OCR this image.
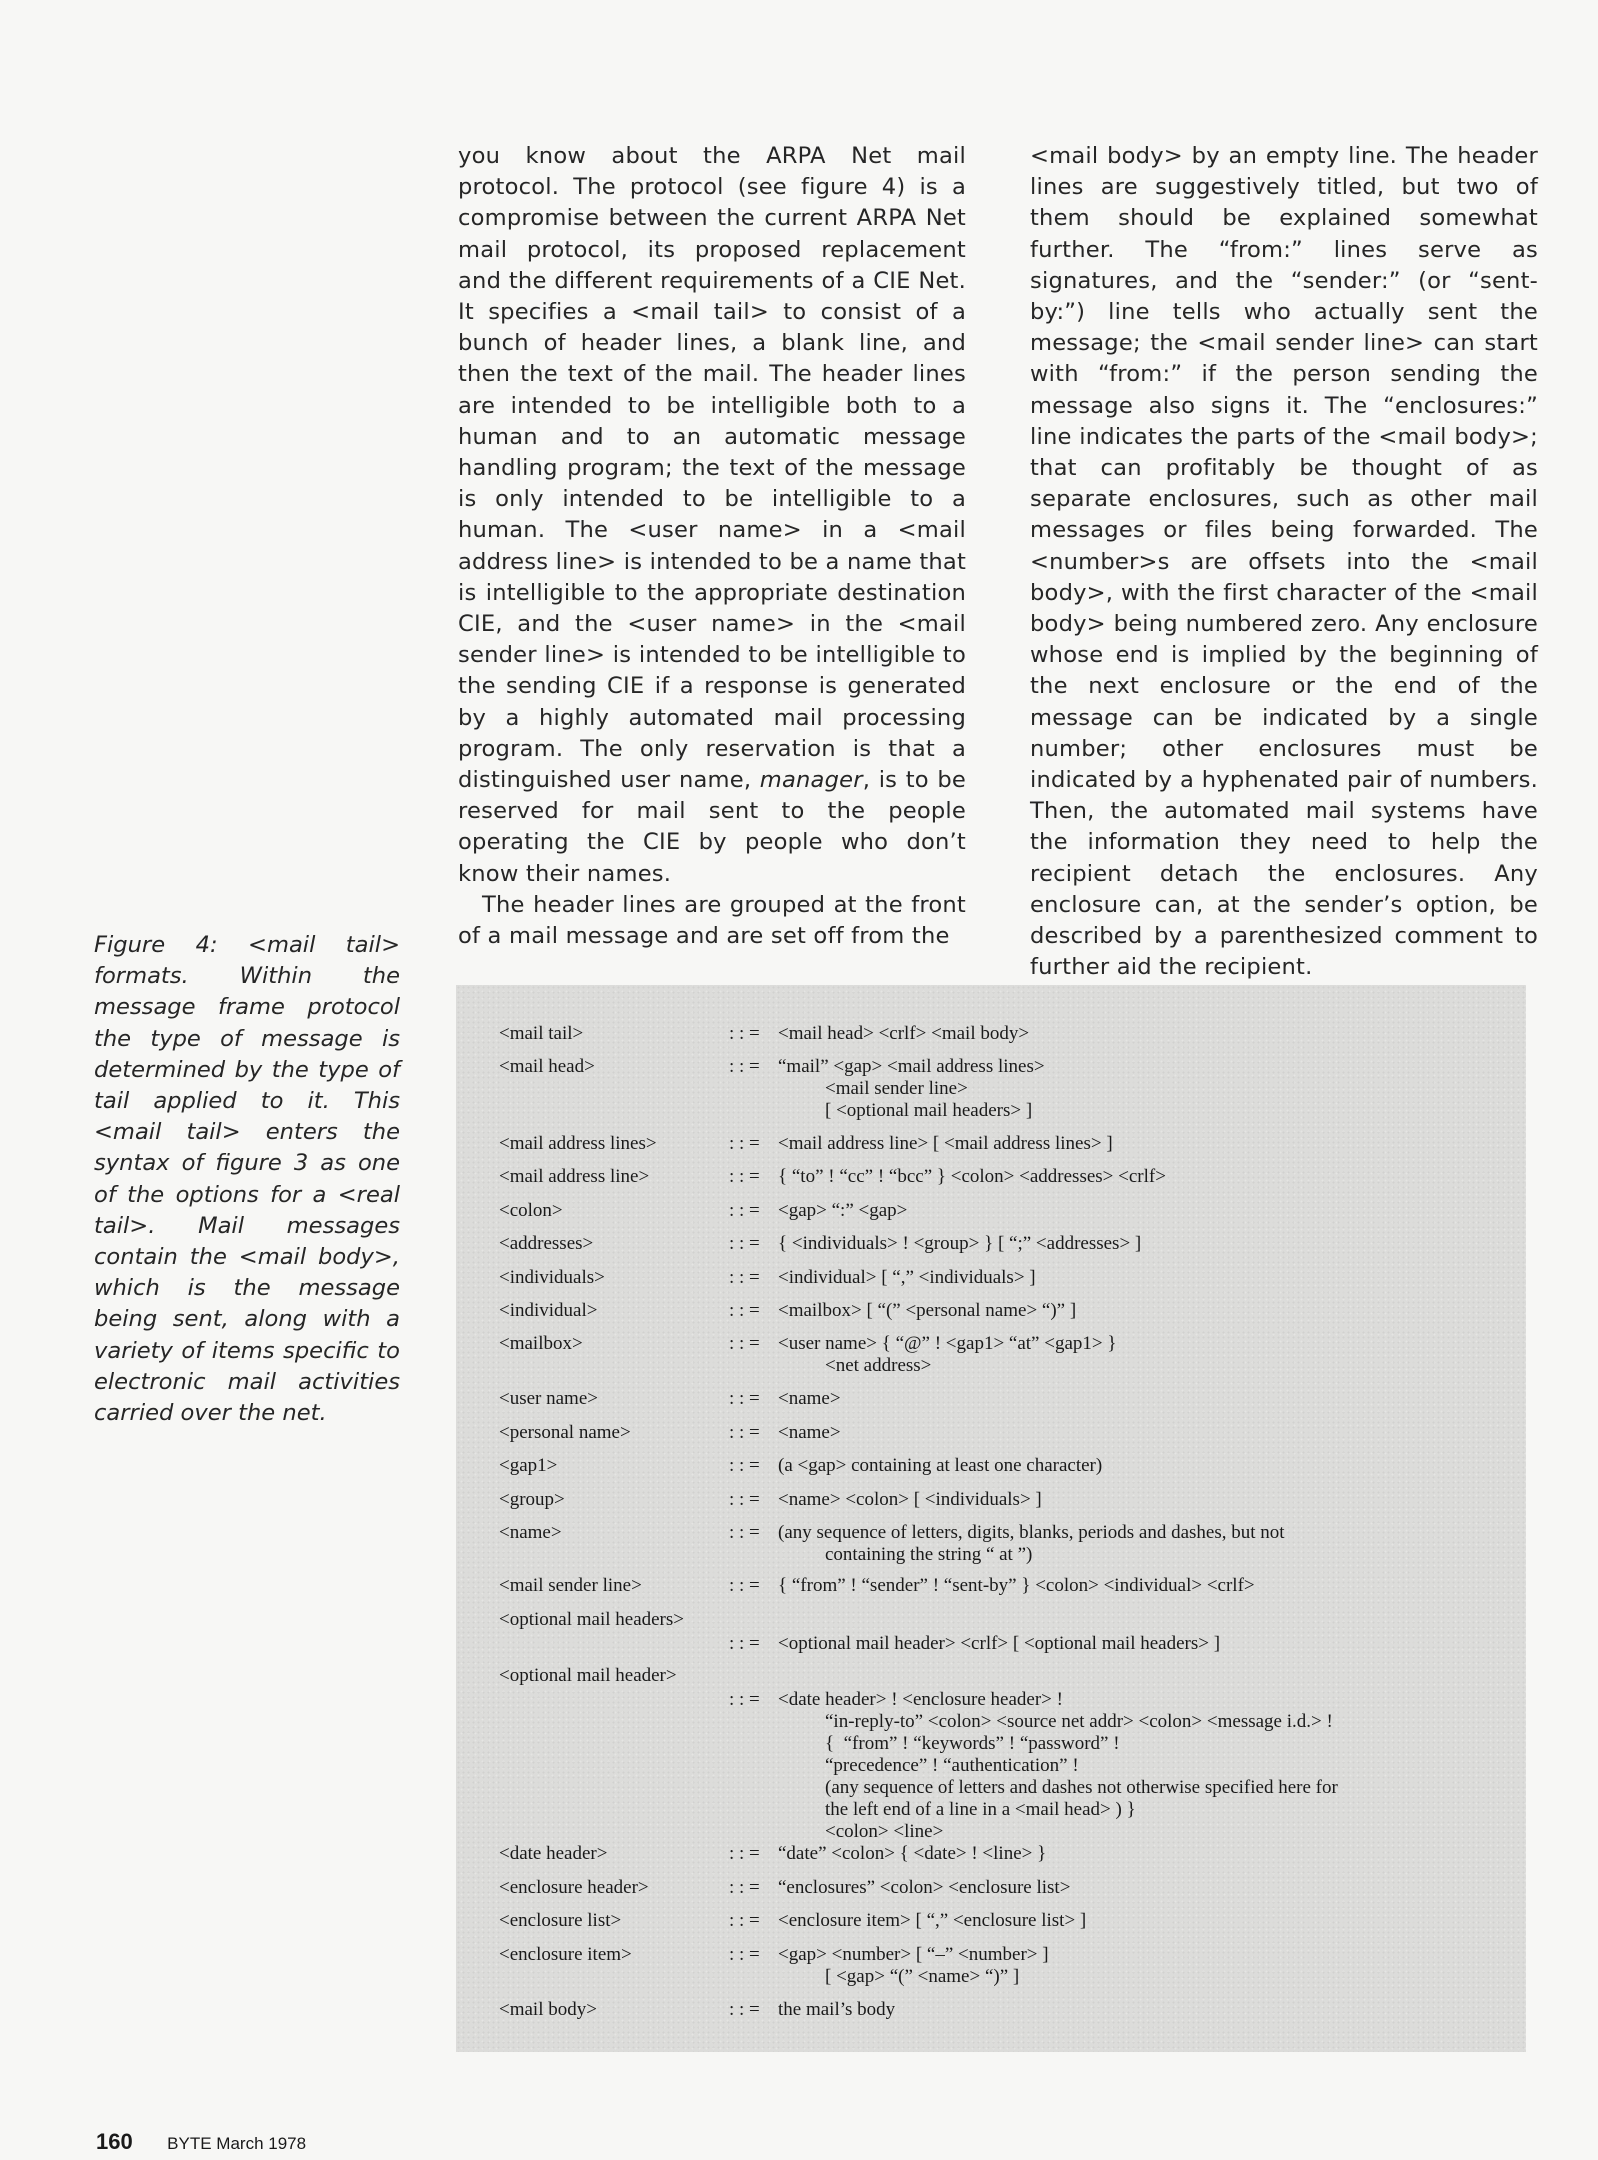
you know about the ARPA Net mail protocol. The protocol (see figure 4) is a compromise between the current ARPA Net mail protocol, its proposed replacement and the different requirements of a CIE Net. It specifies a <mail tail> to consist of a bunch of header lines, a blank line, and then the text of the mail. The header lines are intended to be intelligible both to a human and to an automatic message handling program; the text of the message is only intended to be intelligible to a human. The <user name> in a <mail address line> is intended to be a name that is intelligible to the appropriate destination CIE, and the <user name> in the <mail sender line> is intended to be intelligible to the sending CIE if a response is generated by a highly automated mail processing program. The only reservation is that a distinguished user name, manager, is to be reserved for mail sent to the people operating the CIE by people who don’t know their names.

The header lines are grouped at the front of a mail message and are set off from the

<mail body> by an empty line. The header lines are suggestively titled, but two of them should be explained somewhat further. The “from:” lines serve as signatures, and the “sender:” (or “sent-by:”) line tells who actually sent the message; the <mail sender line> can start with “from:” if the person sending the message also signs it. The “enclosures:” line indicates the parts of the <mail body>; that can profitably be thought of as separate enclosures, such as other mail messages or files being forwarded. The <number>s are offsets into the <mail body>, with the first character of the <mail body> being numbered zero. Any enclosure whose end is implied by the beginning of the next enclosure or the end of the message can be indicated by a single number; other enclosures must be indicated by a hyphenated pair of numbers. Then, the automated mail systems have the information they need to help the recipient detach the enclosures. Any enclosure can, at the sender’s option, be described by a parenthesized comment to further aid the recipient.

Figure 4: <mail tail> formats. Within the message frame protocol the type of message is determined by the type of tail applied to it. This <mail tail> enters the syntax of figure 3 as one of the options for a <real tail>. Mail messages contain the <mail body>, which is the message being sent, along with a variety of items specific to electronic mail activities carried over the net.
<mail tail>	: : = <mail head> <crlf> <mail body>
<mail head>	: : = “mail” <gap> <mail address lines>
<mail sender line>
[ <optional mail headers> ]
<mail address lines>	: : = <mail address line> [ <mail address lines> ]
<mail address line>	: : = { “to” ! “cc” ! “bcc” } <colon> <addresses> <crlf>
<colon>	: : = <gap> “:” <gap>
<addresses>	: : = { <individuals> ! <group> } [ “;” <addresses> ]
<individuals>	: : = <individual> [ “,” <individuals> ]
<individual>	: : = <mailbox> [ “(” <personal name> “)” ]
<mailbox>	: : = <user name> { “@” ! <gap1> “at” <gap1> }
<net address>
<user name>	: : = <name>
<personal name>	: : = <name>
<gap1>	: : = (a <gap> containing at least one character)
<group>	: : = <name> <colon> [ <individuals> ]
<name>	: : = (any sequence of letters, digits, blanks, periods and dashes, but not
containing the string “ at ”)
<mail sender line>	: : = { “from” ! “sender” ! “sent-by” } <colon> <individual> <crlf>
<optional mail headers>
: : = <optional mail header> <crlf> [ <optional mail headers> ]
<optional mail header>
: : = <date header> ! <enclosure header> !
“in-reply-to” <colon> <source net addr> <colon> <message i.d.> !
{  “from” ! “keywords” ! “password” !
“precedence” ! “authentication” !
(any sequence of letters and dashes not otherwise specified here for
the left end of a line in a <mail head> ) }
<colon> <line>
<date header>	: : = “date” <colon> { <date> ! <line> }
<enclosure header>	: : = “enclosures” <colon> <enclosure list>
<enclosure list>	: : = <enclosure item> [ “,” <enclosure list> ]
<enclosure item>	: : = <gap> <number> [ “–” <number> ]
[ <gap> “(” <name> “)” ]
<mail body>	: : = the mail’s body
160 BYTE March 1978
